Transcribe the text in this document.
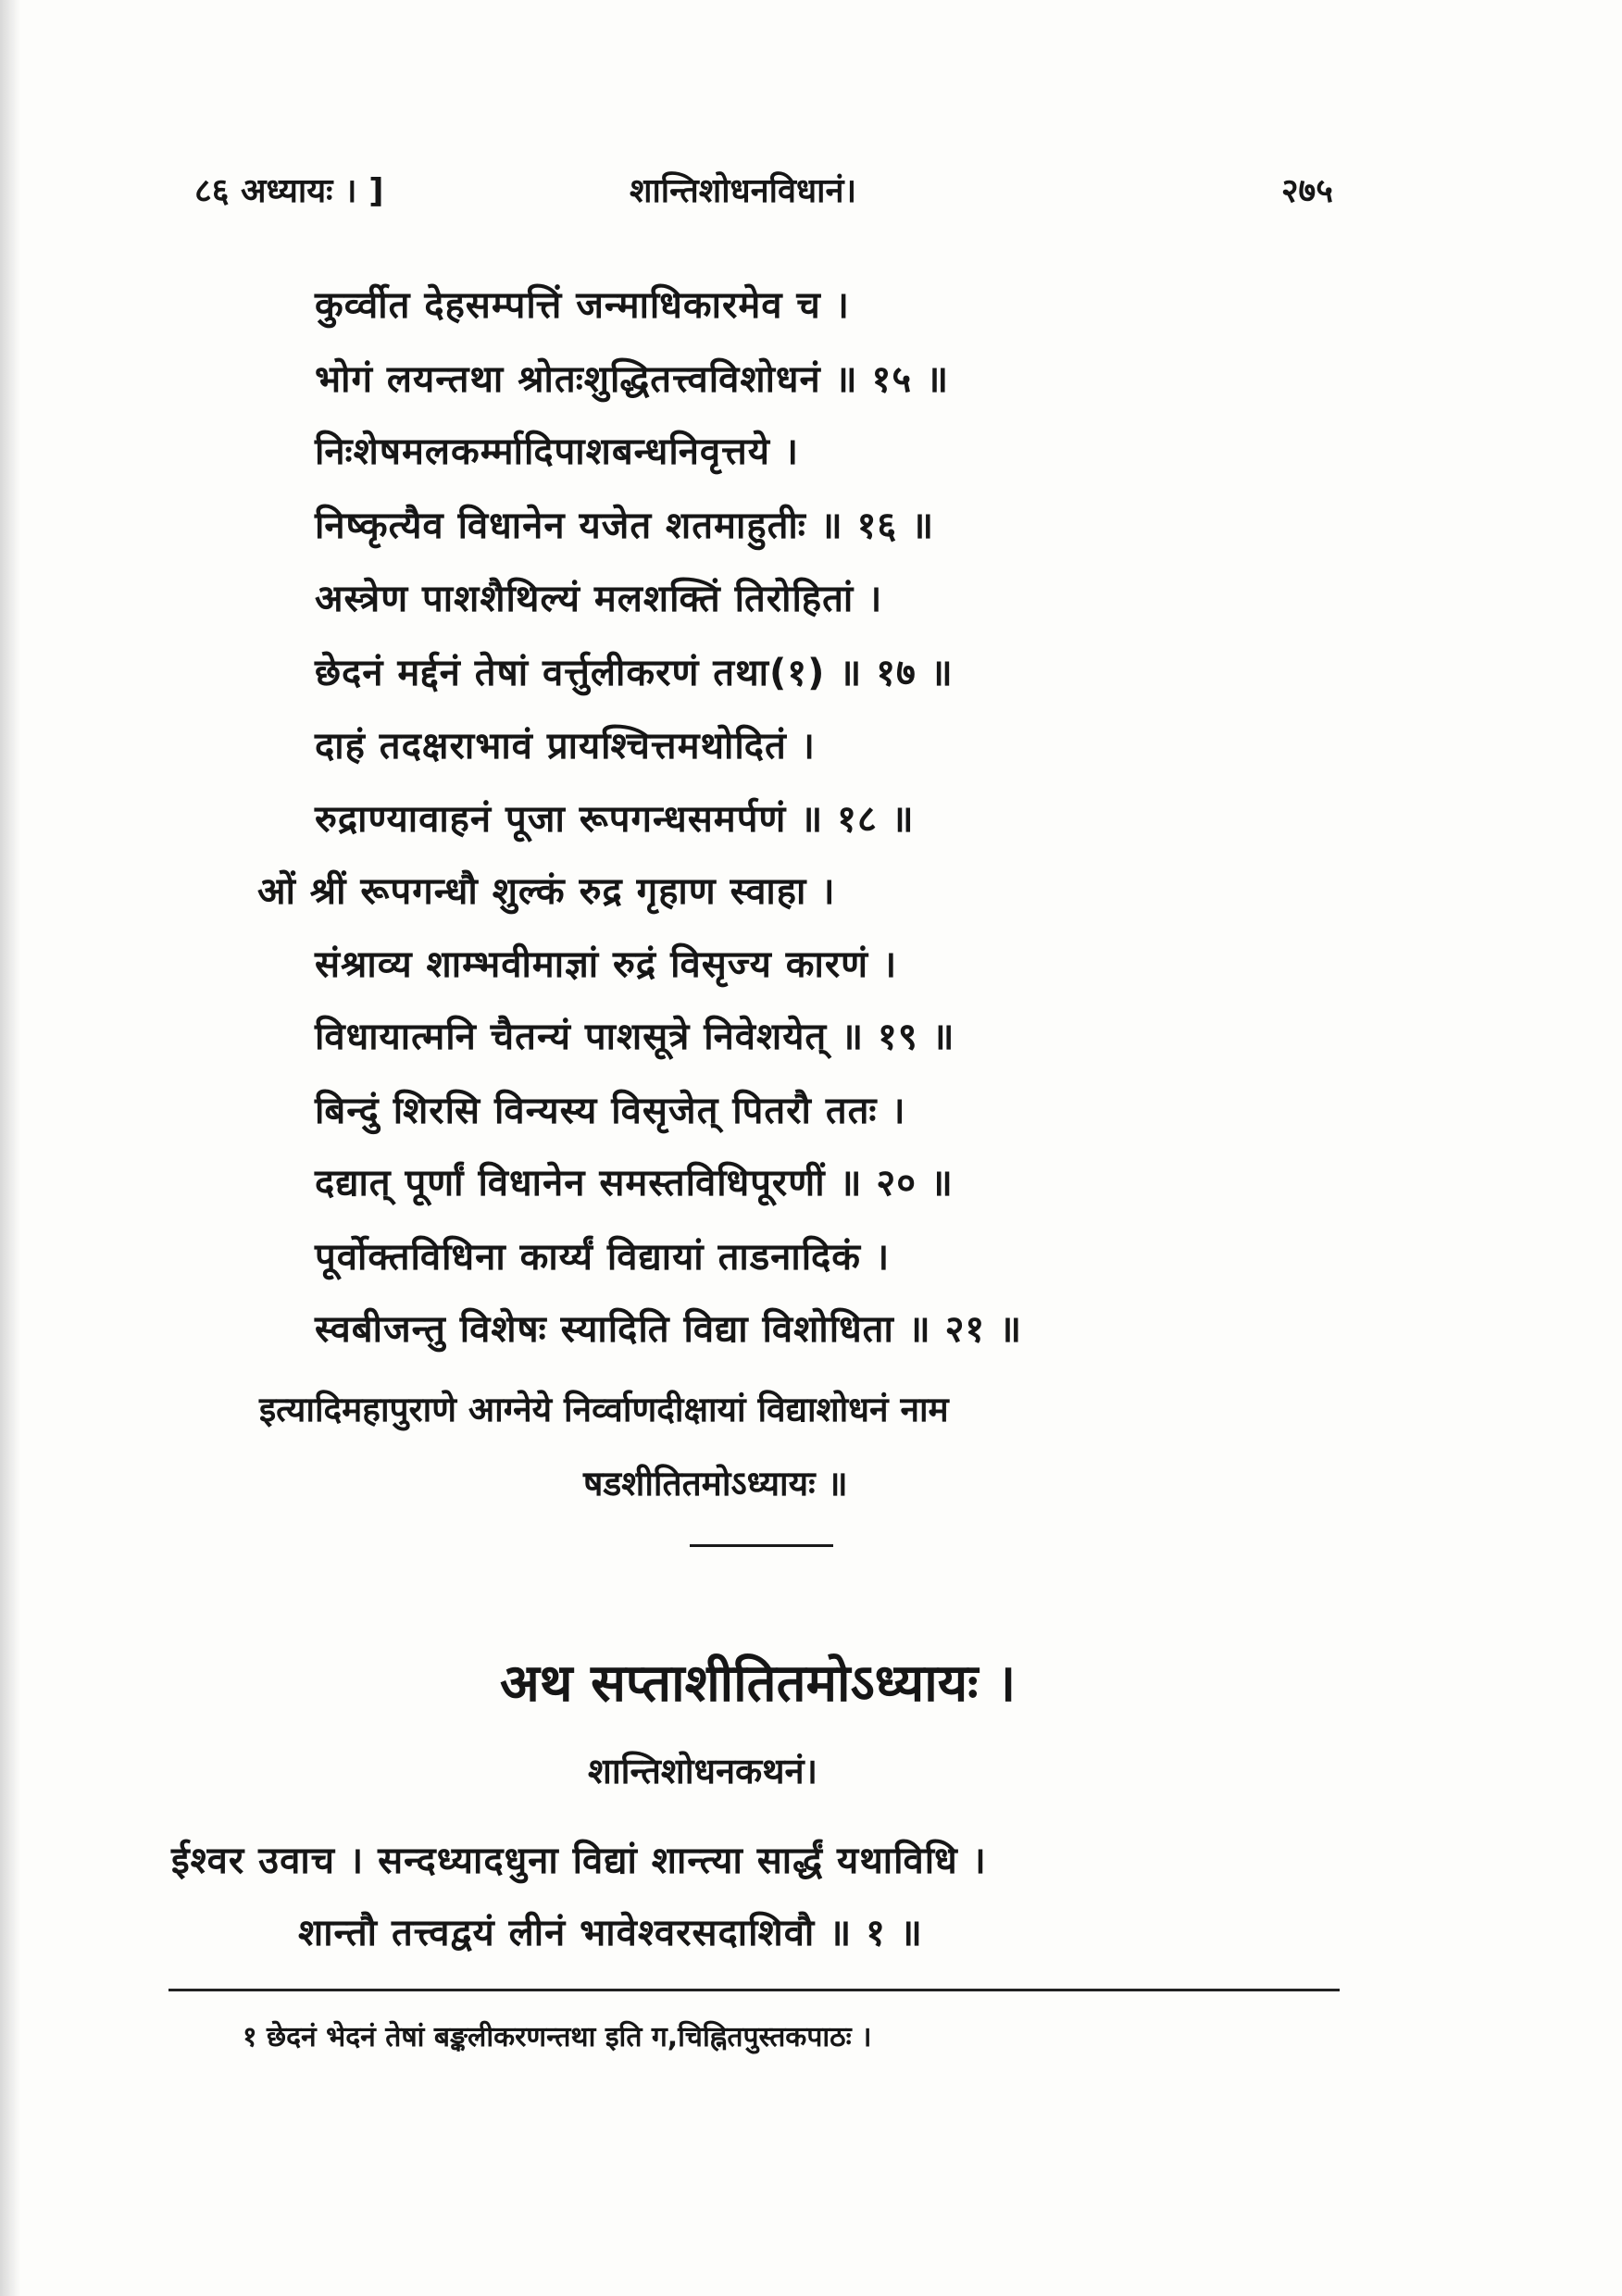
८६ अध्यायः । ]	शान्तिशोधनविधानं।	२७५
कुर्व्वीत देहसम्पत्तिं जन्माधिकारमेव च ।
भोगं लयन्तथा श्रोतःशुद्धितत्त्वविशोधनं ॥ १५ ॥
निःशेषमलकर्म्मादिपाशबन्धनिवृत्तये ।
निष्कृत्यैव विधानेन यजेत शतमाहुतीः ॥ १६ ॥
अस्त्रेण पाशशैथिल्यं मलशक्तिं तिरोहितां ।
छेदनं मर्द्दनं तेषां वर्त्तुलीकरणं तथा(१) ॥ १७ ॥
दाहं तदक्षराभावं प्रायश्चित्तमथोदितं ।
रुद्राण्यावाहनं पूजा रूपगन्धसमर्पणं ॥ १८ ॥
ओं श्रीं रूपगन्धौ शुल्कं रुद्र गृहाण स्वाहा ।
संश्राव्य शाम्भवीमाज्ञां रुद्रं विसृज्य कारणं ।
विधायात्मनि चैतन्यं पाशसूत्रे निवेशयेत् ॥ १९ ॥
बिन्दुं शिरसि विन्यस्य विसृजेत् पितरौ ततः ।
दद्यात् पूर्णां विधानेन समस्तविधिपूरणीं ॥ २० ॥
पूर्वोक्तविधिना कार्य्यं विद्यायां ताडनादिकं ।
स्वबीजन्तु विशेषः स्यादिति विद्या विशोधिता ॥ २१ ॥
इत्यादिमहापुराणे आग्नेये निर्व्वाणदीक्षायां विद्याशोधनं नाम
षडशीतितमोऽध्यायः ॥
अथ सप्ताशीतितमोऽध्यायः ।
शान्तिशोधनकथनं।
ईश्वर उवाच । सन्दध्यादधुना विद्यां शान्त्या सार्द्धं यथाविधि ।
शान्तौ तत्त्वद्वयं लीनं भावेश्वरसदाशिवौ ॥ १ ॥
१ छेदनं भेदनं तेषां बङ्कलीकरणन्तथा इति ग,चिह्नितपुस्तकपाठः ।
